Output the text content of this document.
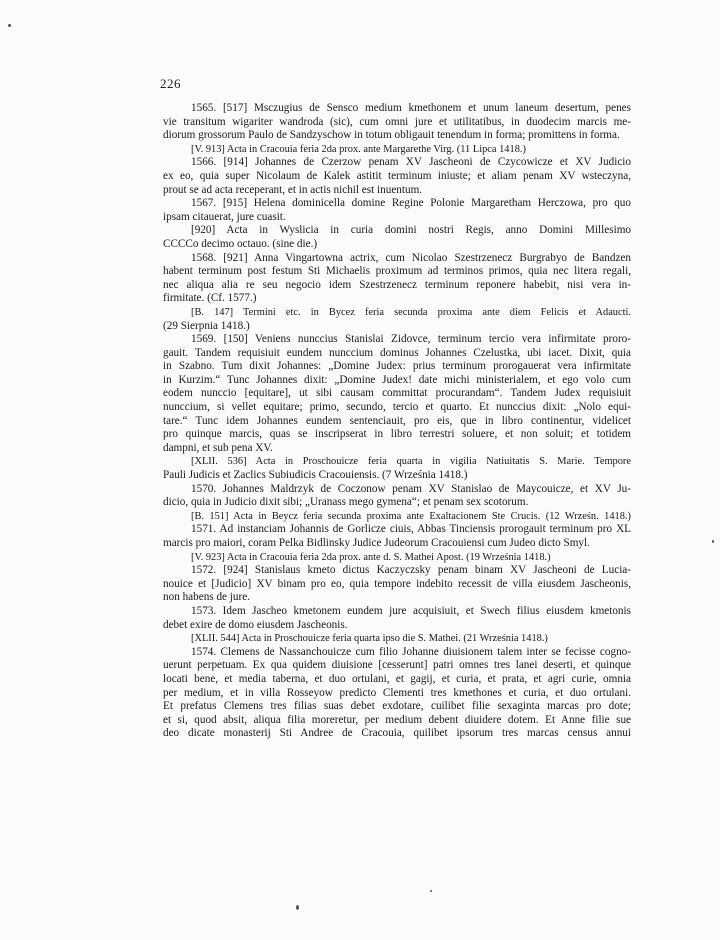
226
1565. [517] Msczugius de Sensco medium kmethonem et unum laneum desertum, penes
vie transitum wigariter wandroda (sic), cum omni jure et utilitatibus, in duodecim marcis me-
diorum grossorum Paulo de Sandzyschow in totum obligauit tenendum in forma; promittens in forma.
[V. 913] Acta in Cracouia feria 2da prox. ante Margarethe Virg. (11 Lipca 1418.)
1566. [914] Johannes de Czerzow penam XV Jascheoni de Czycowicze et XV Judicio
ex eo, quia super Nicolaum de Kalek astitit terminum iniuste; et aliam penam XV wsteczyna,
prout se ad acta receperant, et in actis nichil est inuentum.
1567. [915] Helena dominicella domine Regine Polonie Margaretham Herczowa, pro quo
ipsam citauerat, jure cuasit.
[920] Acta in Wyslicia in curia domini nostri Regis, anno Domini Millesimo
CCCCo decimo octauo. (sine die.)
1568. [921] Anna Vingartowna actrix, cum Nicolao Szestrzenecz Burgrabyo de Bandzen
habent terminum post festum Sti Michaelis proximum ad terminos primos, quia nec litera regali,
nec aliqua alia re seu negocio idem Szestrzenecz terminum reponere habebit, nisi vera in-
firmitate. (Cf. 1577.)
[B. 147] Termini etc. in Bycez feria secunda proxima ante diem Felicis et Adaucti.
(29 Sierpnia 1418.)
1569. [150] Veniens nunccius Stanislai Zidovce, terminum tercio vera infirmitate proro-
gauit. Tandem requisiuit eundem nunccium dominus Johannes Czelustka, ubi iacet. Dixit, quia
in Szabno. Tum dixit Johannes: „Domine Judex: prius terminum prorogauerat vera infirmitate
in Kurzim.“ Tunc Johannes dixit: „Domine Judex! date michi ministerialem, et ego volo cum
eodem nunccio [equitare], ut sibi causam committat procurandam“. Tandem Judex requisiuit
nunccium, si vellet equitare; primo, secundo, tercio et quarto. Et nunccius dixit: „Nolo equi-
tare.“ Tunc idem Johannes eundem sentenciauit, pro eis, que in libro continentur, videlicet
pro quinque marcis, quas se inscripserat in libro terrestri soluere, et non soluit; et totidem
dampni, et sub pena XV.
[XLII. 536] Acta in Proschouicze feria quarta in vigilia Natiuitatis S. Marie. Tempore
Pauli Judicis et Zaclics Subiudicis Cracouiensis. (7 Września 1418.)
1570. Johannes Maldrzyk de Coczonow penam XV Stanislao de Maycouicze, et XV Ju-
dicio, quia in Judicio dixit sibi; „Uranass mego gymena“; et penam sex scotorum.
[B. 151] Acta in Beycz feria secunda proxima ante Exaltacionem Ste Crucis. (12 Wrześn. 1418.)
1571. Ad instanciam Johannis de Gorlicze ciuis, Abbas Tinciensis prorogauit terminum pro XL
marcis pro maiori, coram Pelka Bidlinsky Judice Judeorum Cracouiensi cum Judeo dicto Smyl.
[V. 923] Acta in Cracouia feria 2da prox. ante d. S. Mathei Apost. (19 Września 1418.)
1572. [924] Stanislaus kmeto dictus Kaczyczsky penam binam XV Jascheoni de Lucia-
nouice et [Judicio] XV binam pro eo, quia tempore indebito recessit de villa eiusdem Jascheonis,
non habens de jure.
1573. Idem Jascheo kmetonem eundem jure acquisiuit, et Swech filius eiusdem kmetonis
debet exire de domo eiusdem Jascheonis.
[XLII. 544] Acta in Proschouicze feria quarta ipso die S. Mathei. (21 Września 1418.)
1574. Clemens de Nassanchouicze cum filio Johanne diuisionem talem inter se fecisse cogno-
uerunt perpetuam. Ex qua quidem diuisione [cesserunt] patri omnes tres lanei deserti, et quinque
locati bene, et media taberna, et duo ortulani, et gagij, et curia, et prata, et agri curie, omnia
per medium, et in villa Rosseyow predicto Clementi tres kmethones et curia, et duo ortulani.
Et prefatus Clemens tres filias suas debet exdotare, cuilibet filie sexaginta marcas pro dote;
et si, quod absit, aliqua filia moreretur, per medium debent diuidere dotem. Et Anne filie sue
deo dicate monasterij Sti Andree de Cracouia, quilibet ipsorum tres marcas census annui
